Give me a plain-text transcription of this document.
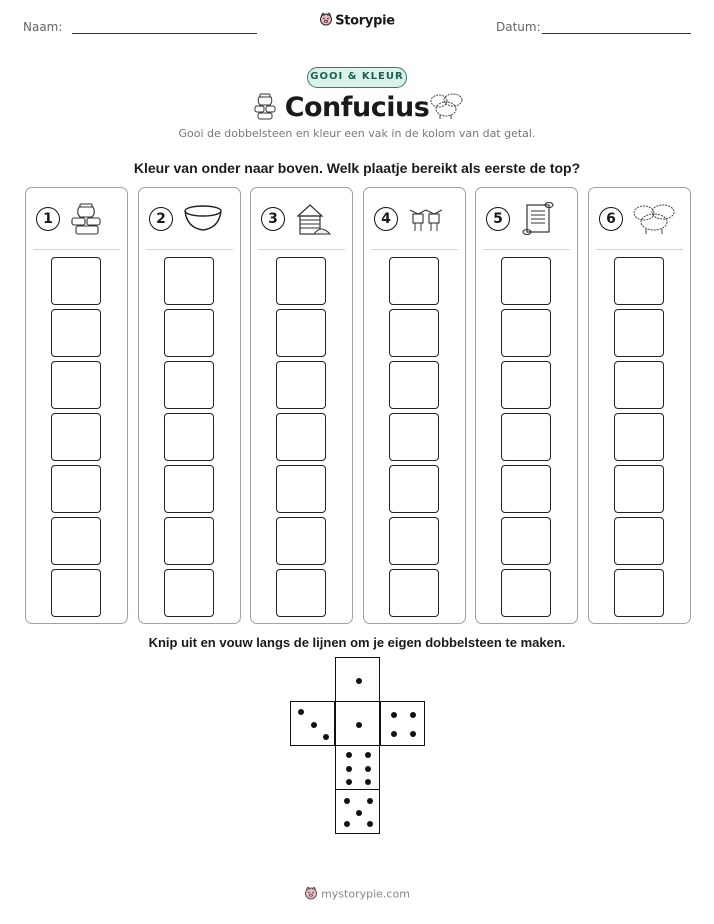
Naam:	Storypie	Datum:
GOOI & KLEUR
Confucius
Gooi de dobbelsteen en kleur een vak in de kolom van dat getal.
Kleur van onder naar boven. Welk plaatje bereikt als eerste de top?
1	2	3	4	5	6
Knip uit en vouw langs de lijnen om je eigen dobbelsteen te maken.
mystorypie.com
